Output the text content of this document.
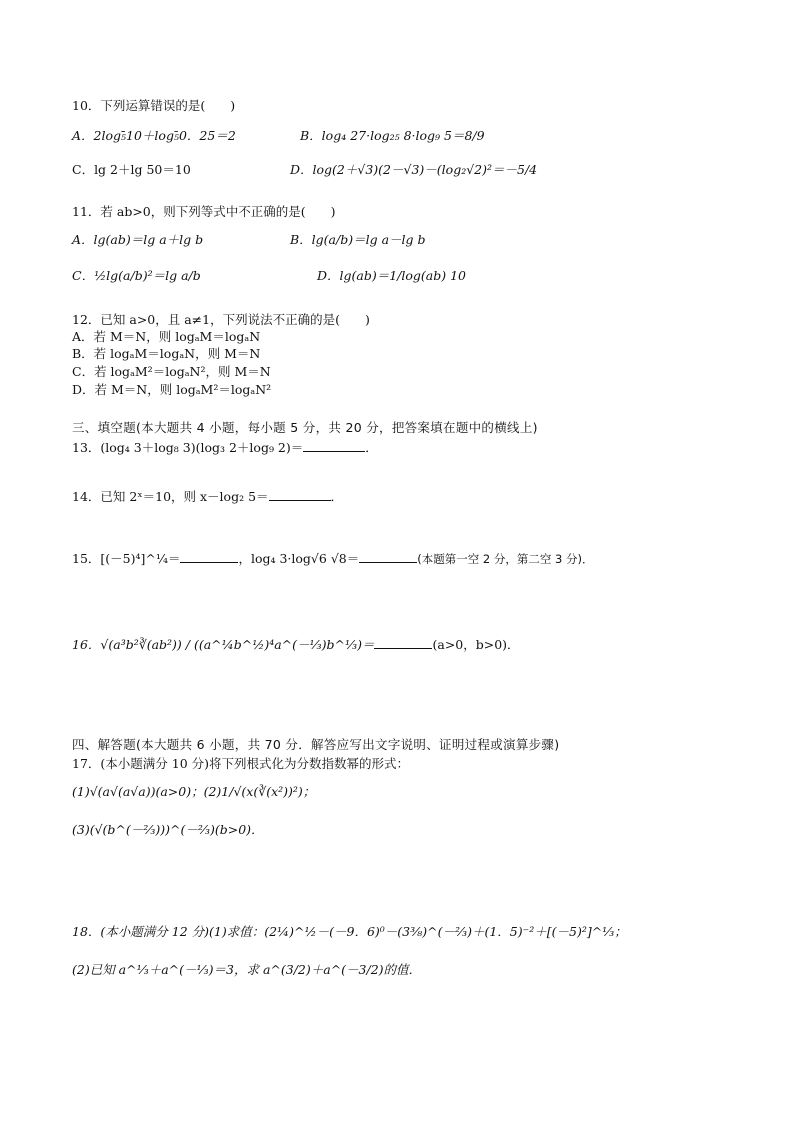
10．下列运算错误的是(　　)
A．2log₅̄10＋log₅̄0．25＝2	B．log₄ 27·log₂₅ 8·log₉ 5＝8/9
C．lg 2＋lg 50＝10	D．log(2＋√3)(2－√3)－(log₂√2)²＝－5/4
11．若 ab>0，则下列等式中不正确的是(　　)
A．lg(ab)＝lg a＋lg b	B．lg(a/b)＝lg a－lg b
C．½lg(a/b)²＝lg a/b	D．lg(ab)＝1/log(ab) 10
12．已知 a>0，且 a≠1，下列说法不正确的是(　　)
A．若 M＝N，则 logₐM＝logₐN
B．若 logₐM＝logₐN，则 M＝N
C．若 logₐM²＝logₐN²，则 M＝N
D．若 M＝N，则 logₐM²＝logₐN²
三、填空题(本大题共 4 小题，每小题 5 分，共 20 分，把答案填在题中的横线上)
13．(log₄ 3＋log₈ 3)(log₃ 2＋log₉ 2)＝	．
14．已知 2ˣ＝10，则 x－log₂ 5＝	．
15．[(－5)⁴]^¼＝	，log₄ 3·log√6 √8＝	(本题第一空 2 分，第二空 3 分)．
16．√(a³b²∛(ab²)) / ((a^¼b^½)⁴a^(－⅓)b^⅓)＝	(a>0，b>0)．
四、解答题(本大题共 6 小题，共 70 分．解答应写出文字说明、证明过程或演算步骤)
17．(本小题满分 10 分)将下列根式化为分数指数幂的形式：
(1)√(a√(a√a))(a>0)；(2)1/√(x(∛(x²))²)；
(3)(√(b^(－⅔)))^(－⅔)(b>0)．
18．(本小题满分 12 分)(1)求值：(2¼)^½－(－9．6)⁰－(3⅜)^(－⅔)＋(1．5)⁻²＋[(－5)²]^⅓；
(2)已知 a^⅓＋a^(－⅓)＝3，求 a^(3/2)＋a^(－3/2)的值．
